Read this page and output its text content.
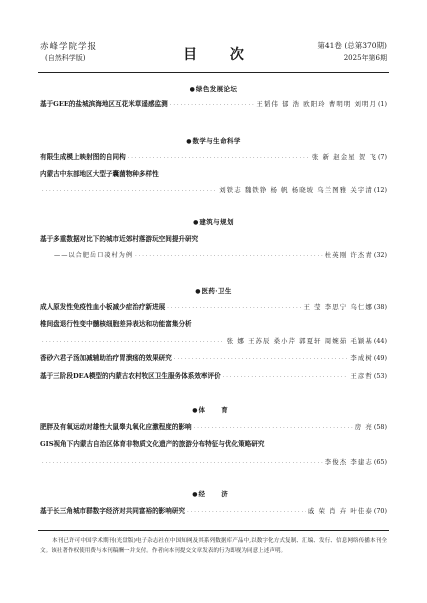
赤峰学院学报
(自然科学版)	目 次
第41卷 (总第370期)
2025年第6期
●绿色发展论坛
基于GEE的盐城滨海地区互花米草遥感监测 · · ·	王韬伟 郁 浩 欧阳玲 曹明明 刘明月 (1)
●数学与生命科学
有限生成模上映射图的自同构 · · ·	张 新 赵金星 贺 飞 (7)
内蒙古中东部地区大型子囊菌物种多样性
· · ·
刘铁志 魏铁铮 杨 帆 杨晓坡 乌兰图雅 关宇清 (12)
●建筑与规划
基于多重数据对比下的城市近郊村落游玩空间提升研究
——以合肥岳口凌村为例 · · ·	杜英刚 许杰青 (32)
●医药·卫生
成人原发性免疫性血小板减少症治疗新进展 · · ·	王 莹 李思宁 乌仁娜 (38)
椎间盘退行性变中髓核细胞差异表达和功能富集分析
· · ·
张 娜 王苏辰 桑小芹 郭夏轩 周婉茹 毛颖基 (44)
香砂六君子汤加减辅助治疗胃溃疡的效果研究 · · ·	李成树 (49)
基于三阶段DEA模型的内蒙古农村牧区卫生服务体系效率评价 · · ·	王彦哲 (53)
●体 育
肥胖及有氧运动对雄性大鼠睾丸氧化应激程度的影响 · · ·	房 亮 (58)
GIS视角下内蒙古自治区体育非物质文化遗产的旅游分布特征与优化策略研究
· · ·
李俊杰 李建志 (65)
●经 济
基于长三角城市群数字经济对共同富裕的影响研究 · · ·	戚 荣 肖 卉 叶佳泰 (70)
本刊已许可中国学术期刊(光盘版)电子杂志社在中国知网及其系列数据库产品中,以数字化方式复制、汇编、发行、信息网络传播本刊全文。该社著作权使用费与本刊稿酬一并支付。作者向本刊提交文章发表的行为即视为同意上述声明。
